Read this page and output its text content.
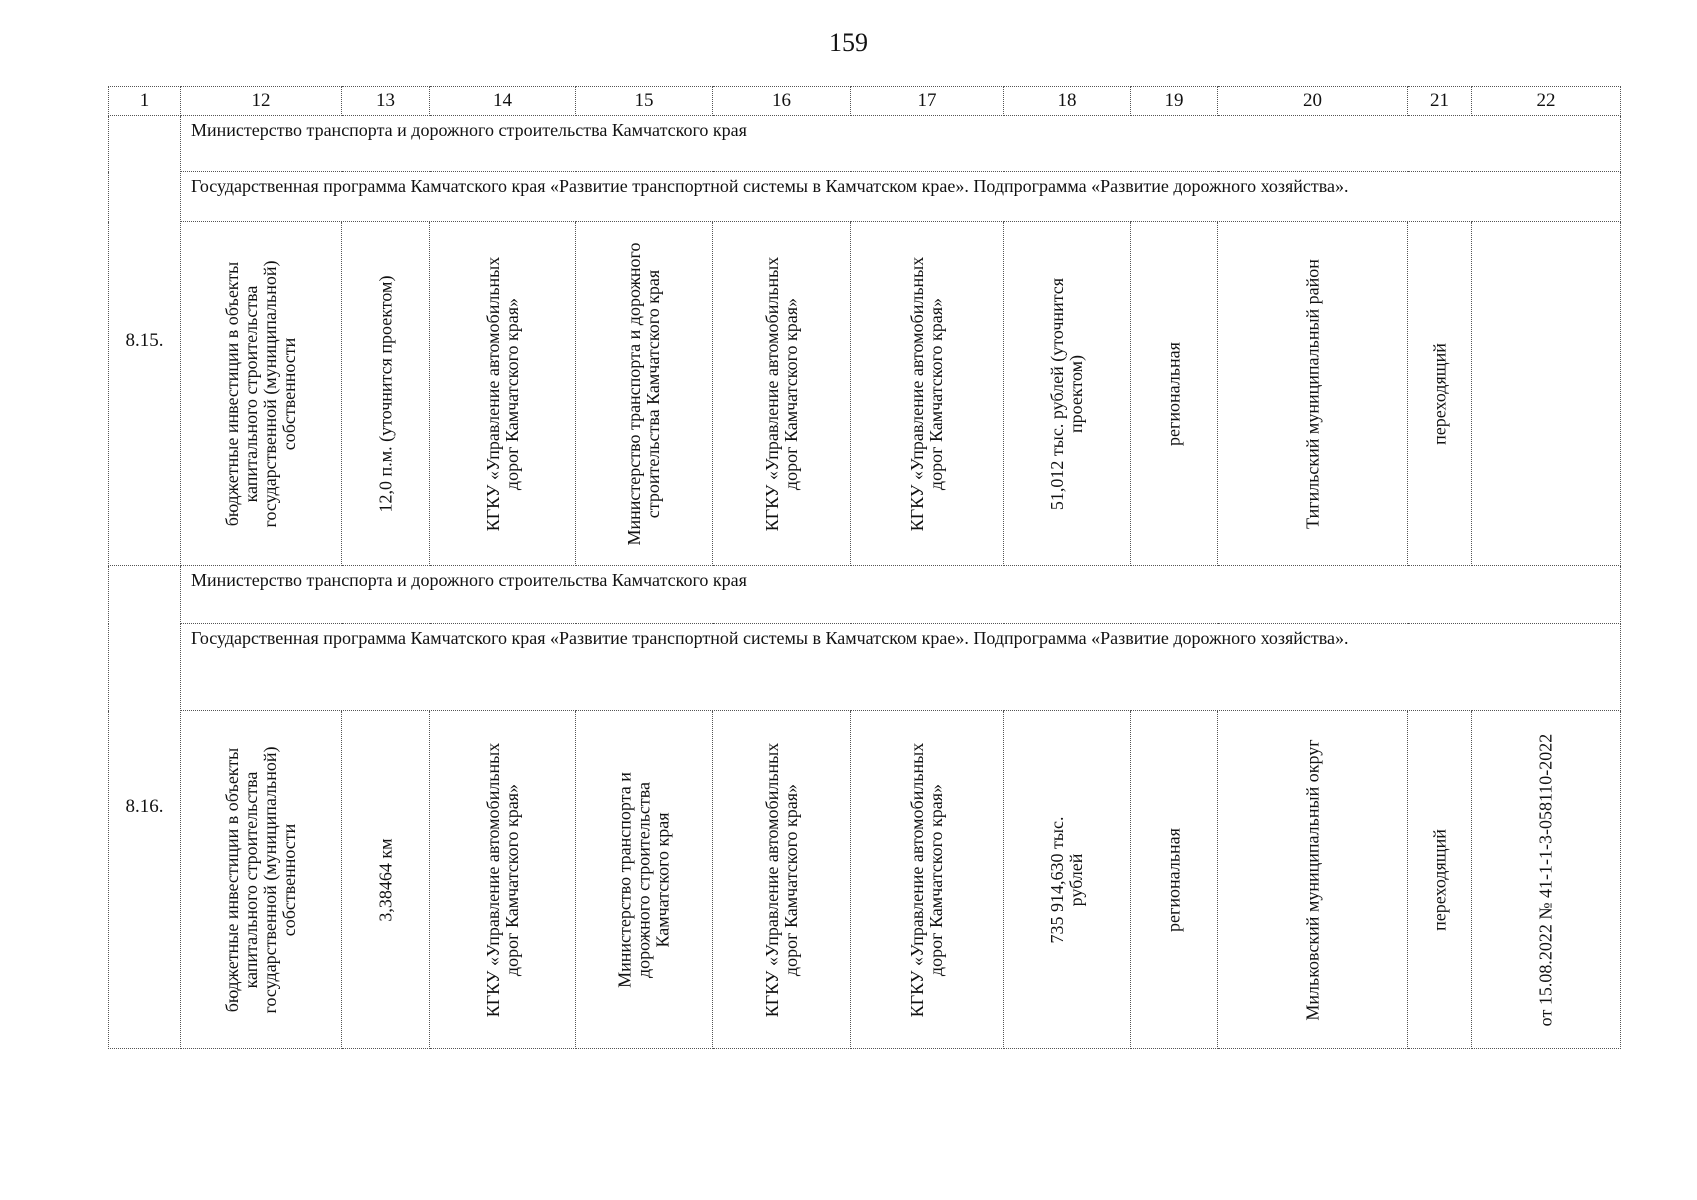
159
1	12	13	14	15	16	17	18	19	20	21	22
8.15.	Министерство транспорта и дорожного строительства Камчатского края										
	Государственная программа Камчатского края «Развитие транспортной системы в Камчатском крае». Подпрограмма «Развитие дорожного хозяйства».										

	бюджетные инвестиции в объекты капитального строительства государственной (муниципальной) собственности	12,0 п.м. (уточнится проектом)	КГКУ «Управление автомобильных дорог Камчатского края»	Министерство транспорта и дорожного строительства Камчатского края	КГКУ «Управление автомобильных дорог Камчатского края»	КГКУ «Управление автомобильных дорог Камчатского края»	51,012 тыс. рублей (уточнится проектом)	региональная	Тигильский муниципальный район	переходящий	

8.16.	Министерство транспорта и дорожного строительства Камчатского края										
	Государственная программа Камчатского края «Развитие транспортной системы в Камчатском крае». Подпрограмма «Развитие дорожного хозяйства».										

	бюджетные инвестиции в объекты капитального строительства государственной (муниципальной) собственности	3,38464 км	КГКУ «Управление автомобильных дорог Камчатского края»	Министерство транспорта и дорожного строительства Камчатского края	КГКУ «Управление автомобильных дорог Камчатского края»	КГКУ «Управление автомобильных дорог Камчатского края»	735 914,630 тыс. рублей	региональная	Мильковский муниципальный округ	переходящий	от 15.08.2022 № 41-1-1-3-058110-2022
